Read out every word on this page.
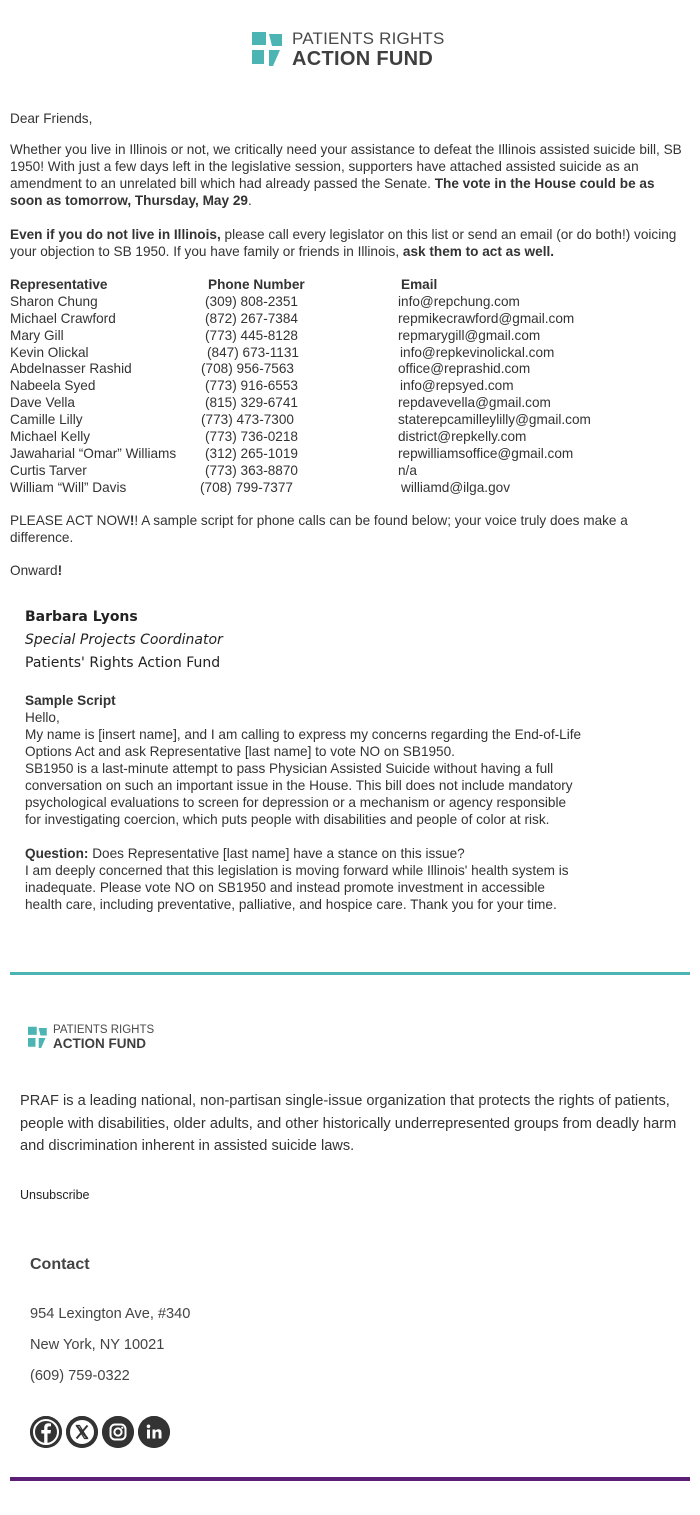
PATIENTS RIGHTS
ACTION FUND

Dear Friends,

Whether you live in Illinois or not, we critically need your assistance to defeat the Illinois assisted suicide bill, SB 1950! With just a few days left in the legislative session, supporters have attached assisted suicide as an amendment to an unrelated bill which had already passed the Senate. The vote in the House could be as soon as tomorrow, Thursday, May 29.

Even if you do not live in Illinois, please call every legislator on this list or send an email (or do both!) voicing your objection to SB 1950. If you have family or friends in Illinois, ask them to act as well.

Representative	Phone Number	Email
Sharon Chung	(309) 808-2351	info@repchung.com
Michael Crawford	(872) 267-7384	repmikecrawford@gmail.com
Mary Gill	(773) 445-8128	repmarygill@gmail.com
Kevin Olickal	(847) 673-1131	info@repkevinolickal.com
Abdelnasser Rashid	(708) 956-7563	office@reprashid.com
Nabeela Syed	(773) 916-6553	info@repsyed.com
Dave Vella	(815) 329-6741	repdavevella@gmail.com
Camille Lilly	(773) 473-7300	staterepcamilleylilly@gmail.com
Michael Kelly	(773) 736-0218	district@repkelly.com
Jawaharial “Omar” Williams (312) 265-1019	repwilliamsoffice@gmail.com
Curtis Tarver	(773) 363-8870	n/a
William “Will” Davis	(708) 799-7377	williamd@ilga.gov

PLEASE ACT NOW!! A sample script for phone calls can be found below; your voice truly does make a difference.

Onward!

Barbara Lyons
Special Projects Coordinator
Patients' Rights Action Fund

Sample Script

Hello,

My name is [insert name], and I am calling to express my concerns regarding the End-of-Life Options Act and ask Representative [last name] to vote NO on SB1950.

SB1950 is a last-minute attempt to pass Physician Assisted Suicide without having a full conversation on such an important issue in the House. This bill does not include mandatory psychological evaluations to screen for depression or a mechanism or agency responsible for investigating coercion, which puts people with disabilities and people of color at risk.

Question: Does Representative [last name] have a stance on this issue?

I am deeply concerned that this legislation is moving forward while Illinois' health system is inadequate. Please vote NO on SB1950 and instead promote investment in accessible health care, including preventative, palliative, and hospice care. Thank you for your time.

PATIENTS RIGHTS
ACTION FUND

PRAF is a leading national, non-partisan single-issue organization that protects the rights of patients, people with disabilities, older adults, and other historically underrepresented groups from deadly harm and discrimination inherent in assisted suicide laws.

Unsubscribe
Contact
954 Lexington Ave, #340
New York, NY 10021
(609) 759-0322
